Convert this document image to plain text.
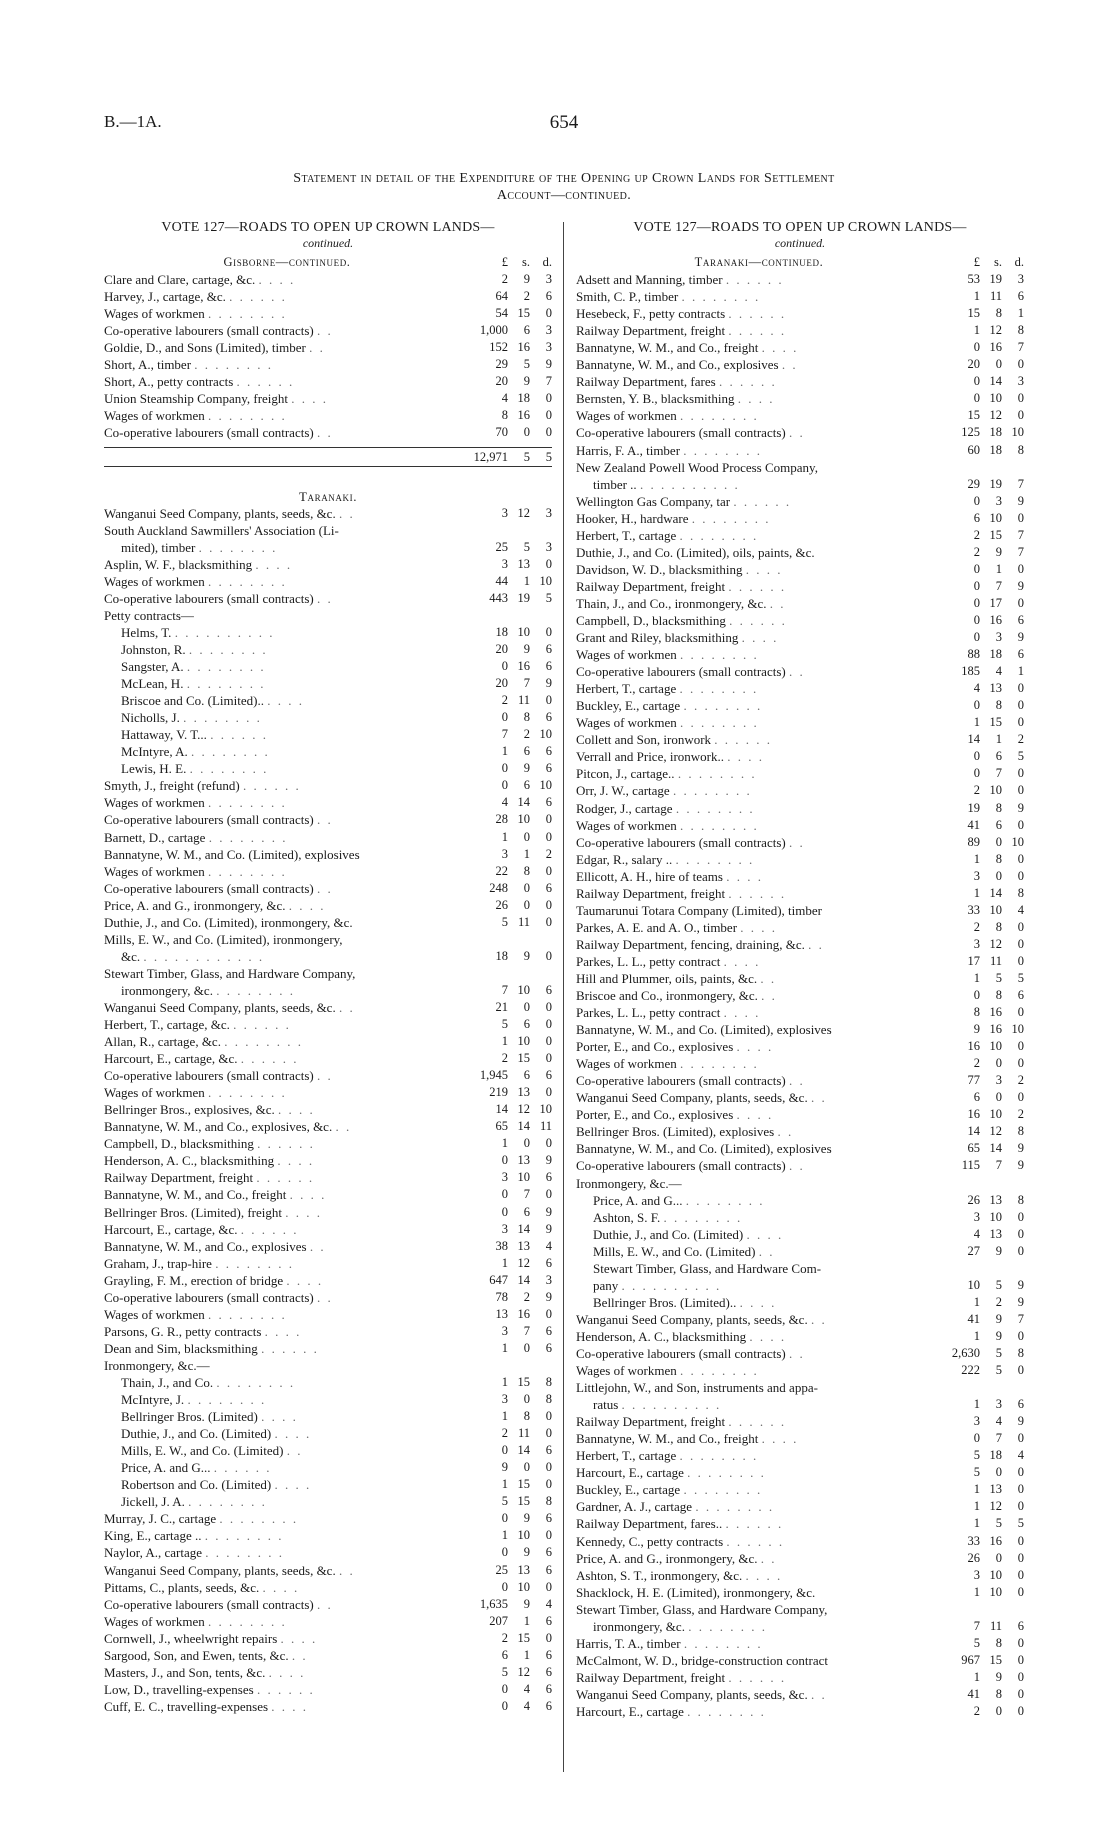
B.—1A.	654
Statement in detail of the Expenditure of the Opening up Crown Lands for Settlement
Account—continued.
VOTE 127—ROADS TO OPEN UP CROWN LANDS—
continued.
Gisborne—continued.	£	s.	d.
Clare and Clare, cartage, &c. . . . .	2	9	3
Harvey, J., cartage, &c. . . . . . .	64	2	6
Wages of workmen . . . . . . . .	54 15	0
Co-operative labourers (small contracts) . .	1,000	6	3
Goldie, D., and Sons (Limited), timber . .	152 16	3
Short, A., timber . . . . . . . .	29	5	9
Short, A., petty contracts . . . . . .	20	9	7
Union Steamship Company, freight . . . .	4 18	0
Wages of workmen . . . . . . . .	8 16	0
Co-operative labourers (small contracts) . .	70	0	0
12,971	5	5
Taranaki.
Wanganui Seed Company, plants, seeds, &c. . .	3 12	3
South Auckland Sawmillers' Association (Li-
mited), timber . . . . . . . .	25	5	3
Asplin, W. F., blacksmithing . . . .	3 13	0
Wages of workmen . . . . . . . .	44	1 10
Co-operative labourers (small contracts) . .	443 19	5
Petty contracts—
Helms, T. . . . . . . . . . .	18 10	0
Johnston, R. . . . . . . . .	20	9	6
Sangster, A. . . . . . . . .	0 16	6
McLean, H. . . . . . . . .	20	7	9
Briscoe and Co. (Limited).. . . . .	2 11	0
Nicholls, J. . . . . . . . .	0	8	6
Hattaway, V. T... . . . . . .	7	2 10
McIntyre, A. . . . . . . . .	1	6	6
Lewis, H. E. . . . . . . . .	0	9	6
Smyth, J., freight (refund) . . . . . .	0	6 10
Wages of workmen . . . . . . . .	4 14	6
Co-operative labourers (small contracts) . .	28 10	0
Barnett, D., cartage . . . . . . . .	1	0	0
Bannatyne, W. M., and Co. (Limited), explosives	3	1	2
Wages of workmen . . . . . . . .	22	8	0
Co-operative labourers (small contracts) . .	248	0	6
Price, A. and G., ironmongery, &c. . . . .	26	0	0
Duthie, J., and Co. (Limited), ironmongery, &c.	5 11	0
Mills, E. W., and Co. (Limited), ironmongery,
&c. . . . . . . . . . . . .	18	9	0
Stewart Timber, Glass, and Hardware Company,
ironmongery, &c. . . . . . . . .	7 10	6
Wanganui Seed Company, plants, seeds, &c. . .	21	0	0
Herbert, T., cartage, &c. . . . . . .	5	6	0
Allan, R., cartage, &c. . . . . . . . .	1 10	0
Harcourt, E., cartage, &c. . . . . . .	2 15	0
Co-operative labourers (small contracts) . .	1,945	6	6
Wages of workmen . . . . . . . .	219 13	0
Bellringer Bros., explosives, &c. . . . .	14 12 10
Bannatyne, W. M., and Co., explosives, &c. . .	65 14 11
Campbell, D., blacksmithing . . . . . .	1	0	0
Henderson, A. C., blacksmithing . . . .	0 13	9
Railway Department, freight . . . . . .	3 10	6
Bannatyne, W. M., and Co., freight . . . .	0	7	0
Bellringer Bros. (Limited), freight . . . .	0	6	9
Harcourt, E., cartage, &c. . . . . . .	3 14	9
Bannatyne, W. M., and Co., explosives . .	38 13	4
Graham, J., trap-hire . . . . . . . .	1 12	6
Grayling, F. M., erection of bridge . . . .	647 14	3
Co-operative labourers (small contracts) . .	78	2	9
Wages of workmen . . . . . . . .	13 16	0
Parsons, G. R., petty contracts . . . .	3	7	6
Dean and Sim, blacksmithing . . . . . .	1	0	6
Ironmongery, &c.—
Thain, J., and Co. . . . . . . . .	1 15	8
McIntyre, J. . . . . . . . .	3	0	8
Bellringer Bros. (Limited) . . . .	1	8	0
Duthie, J., and Co. (Limited) . . . .	2 11	0
Mills, E. W., and Co. (Limited) . .	0 14	6
Price, A. and G... . . . . . .	9	0	0
Robertson and Co. (Limited) . . . .	1 15	0
Jickell, J. A. . . . . . . . .	5 15	8
Murray, J. C., cartage . . . . . . . .	0	9	6
King, E., cartage .. . . . . . . . .	1 10	0
Naylor, A., cartage . . . . . . . .	0	9	6
Wanganui Seed Company, plants, seeds, &c. . .	25 13	6
Pittams, C., plants, seeds, &c. . . . .	0 10	0
Co-operative labourers (small contracts) . .	1,635	9	4
Wages of workmen . . . . . . . .	207	1	6
Cornwell, J., wheelwright repairs . . . .	2 15	0
Sargood, Son, and Ewen, tents, &c. . .	6	1	6
Masters, J., and Son, tents, &c. . . . .	5 12	6
Low, D., travelling-expenses . . . . . .	0	4	6
Cuff, E. C., travelling-expenses . . . .	0	4	6
VOTE 127—ROADS TO OPEN UP CROWN LANDS—
continued.
Taranaki—continued.	£	s.	d.
Adsett and Manning, timber . . . . . .	53 19	3
Smith, C. P., timber . . . . . . . .	1 11	6
Hesebeck, F., petty contracts . . . . . .	15	8	1
Railway Department, freight . . . . . .	1 12	8
Bannatyne, W. M., and Co., freight . . . .	0 16	7
Bannatyne, W. M., and Co., explosives . .	20	0	0
Railway Department, fares . . . . . .	0 14	3
Bernsten, Y. B., blacksmithing . . . .	0 10	0
Wages of workmen . . . . . . . .	15 12	0
Co-operative labourers (small contracts) . .	125 18 10
Harris, F. A., timber . . . . . . . .	60 18	8
New Zealand Powell Wood Process Company,
timber .. . . . . . . . . . .	29 19	7
Wellington Gas Company, tar . . . . . .	0	3	9
Hooker, H., hardware . . . . . . . .	6 10	0
Herbert, T., cartage . . . . . . . .	2 15	7
Duthie, J., and Co. (Limited), oils, paints, &c.	2	9	7
Davidson, W. D., blacksmithing . . . .	0	1	0
Railway Department, freight . . . . . .	0	7	9
Thain, J., and Co., ironmongery, &c. . .	0 17	0
Campbell, D., blacksmithing . . . . . .	0 16	6
Grant and Riley, blacksmithing . . . .	0	3	9
Wages of workmen . . . . . . . .	88 18	6
Co-operative labourers (small contracts) . .	185	4	1
Herbert, T., cartage . . . . . . . .	4 13	0
Buckley, E., cartage . . . . . . . .	0	8	0
Wages of workmen . . . . . . . .	1 15	0
Collett and Son, ironwork . . . . . .	14	1	2
Verrall and Price, ironwork.. . . . .	0	6	5
Pitcon, J., cartage.. . . . . . . . .	0	7	0
Orr, J. W., cartage . . . . . . . .	2 10	0
Rodger, J., cartage . . . . . . . .	19	8	9
Wages of workmen . . . . . . . .	41	6	0
Co-operative labourers (small contracts) . .	89	0 10
Edgar, R., salary .. . . . . . . . .	1	8	0
Ellicott, A. H., hire of teams . . . .	3	0	0
Railway Department, freight . . . . . .	1 14	8
Taumarunui Totara Company (Limited), timber	33 10	4
Parkes, A. E. and A. O., timber . . . .	2	8	0
Railway Department, fencing, draining, &c. . .	3 12	0
Parkes, L. L., petty contract . . . .	17 11	0
Hill and Plummer, oils, paints, &c. . .	1	5	5
Briscoe and Co., ironmongery, &c. . .	0	8	6
Parkes, L. L., petty contract . . . .	8 16	0
Bannatyne, W. M., and Co. (Limited), explosives	9 16 10
Porter, E., and Co., explosives . . . .	16 10	0
Wages of workmen . . . . . . . .	2	0	0
Co-operative labourers (small contracts) . .	77	3	2
Wanganui Seed Company, plants, seeds, &c. . .	6	0	0
Porter, E., and Co., explosives . . . .	16 10	2
Bellringer Bros. (Limited), explosives . .	14 12	8
Bannatyne, W. M., and Co. (Limited), explosives	65 14	9
Co-operative labourers (small contracts) . .	115	7	9
Ironmongery, &c.—
Price, A. and G... . . . . . . . .	26 13	8
Ashton, S. F. . . . . . . . .	3 10	0
Duthie, J., and Co. (Limited) . . . .	4 13	0
Mills, E. W., and Co. (Limited) . .	27	9	0
Stewart Timber, Glass, and Hardware Com-
pany . . . . . . . . . .	10	5	9
Bellringer Bros. (Limited).. . . . .	1	2	9
Wanganui Seed Company, plants, seeds, &c. . .	41	9	7
Henderson, A. C., blacksmithing . . . .	1	9	0
Co-operative labourers (small contracts) . .	2,630	5	8
Wages of workmen . . . . . . . .	222	5	0
Littlejohn, W., and Son, instruments and appa-
ratus . . . . . . . . . .	1	3	6
Railway Department, freight . . . . . .	3	4	9
Bannatyne, W. M., and Co., freight . . . .	0	7	0
Herbert, T., cartage . . . . . . . .	5 18	4
Harcourt, E., cartage . . . . . . . .	5	0	0
Buckley, E., cartage . . . . . . . .	1 13	0
Gardner, A. J., cartage . . . . . . . .	1 12	0
Railway Department, fares.. . . . . . .	1	5	5
Kennedy, C., petty contracts . . . . . .	33 16	0
Price, A. and G., ironmongery, &c. . .	26	0	0
Ashton, S. T., ironmongery, &c. . . . .	3 10	0
Shacklock, H. E. (Limited), ironmongery, &c.	1 10	0
Stewart Timber, Glass, and Hardware Company,
ironmongery, &c. . . . . . . . .	7 11	6
Harris, T. A., timber . . . . . . . .	5	8	0
McCalmont, W. D., bridge-construction contract	967 15	0
Railway Department, freight . . . . . .	1	9	0
Wanganui Seed Company, plants, seeds, &c. . .	41	8	0
Harcourt, E., cartage . . . . . . . .	2	0	0
